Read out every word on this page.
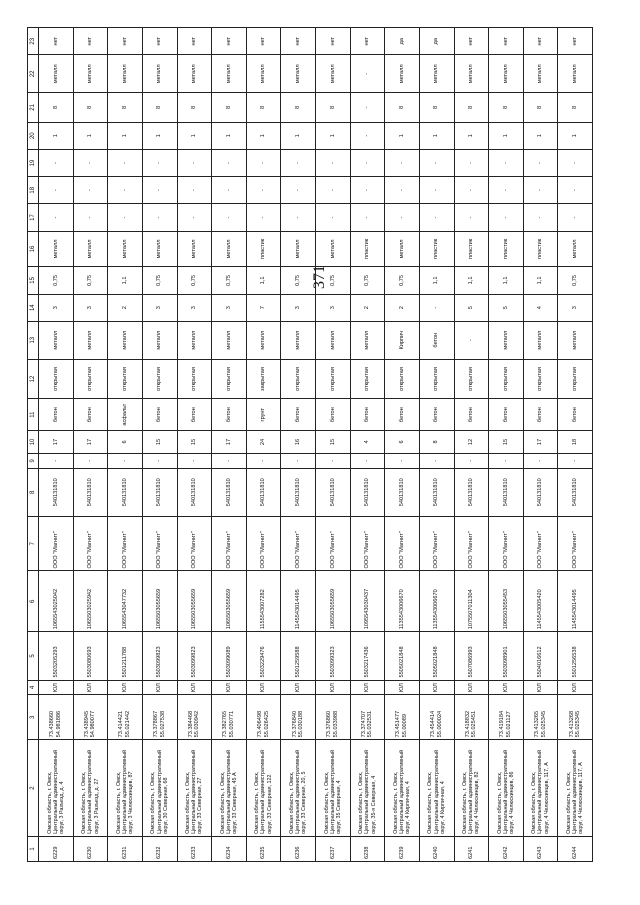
371
1	2	3	4	5	6	7	8	9	10	11	12	13	14	15	16	17	18	19	20	21	22	23
6229	Омская область, г. Омск, Центральный административный округ, 3 Разъезд, д. 4	73.438660 54.981886	ЮЛ	5503205293	1065543025042	ООО "Магнит"	540131810	-	17	бетон	открытая	металл	3	0,75	металл	-	-	-	1	8	металл	нет
6230	Омская область, г. Омск, Центральный административный округ, 3 Разъезд, д. 27	73.438945 54.980077	ЮЛ	5503080693	1065503025942	ООО "Магнит"	540131810	-	17	бетон	открытая	металл	3	0,75	металл	-	-	-	1	8	металл	нет
6231	Омская область, г. Омск, Центральный административный округ, 3 Челюскинцев, 87	73.414421 55.021442	ЮЛ	5501211788	1065543047732	ООО "Магнит"	540131810	-	6	асфальт	открытая	металл	2	1,1	металл	-	-	-	1	8	металл	нет
6232	Омская область, г. Омск, Центральный административный округ, 30 Северная, 68	73.378867 55.027538	ЮЛ	5503099823	1065503055659	ООО "Магнит"	540131810	-	15	бетон	открытая	металл	3	0,75	металл	-	-	-	1	8	металл	нет
6233	Омская область, г. Омск, Центральный административный округ, 33 Северная, 27	73.384468 55.030942	ЮЛ	5503099823	1065503055659	ООО "Магнит"	540131810	-	15	бетон	открытая	металл	3	0,75	металл	-	-	-	1	8	металл	нет
6234	Омская область, г. Омск, Центральный административный округ, 33 Северная, 45 А	73.382765 55.030771	ЮЛ	5503099089	1065503055659	ООО "Магнит"	540131810	-	17	бетон	открытая	металл	3	0,75	металл	-	-	-	1	8	металл	нет
6235	Омская область, г. Омск, Центральный административный округ, 33 Северная, 122	73.406498 55.026425	ЮЛ	5503229476	1155543007282	ООО "Магнит"	540131810	-	24	грунт	закрытая	металл	7	1,1	пластик	-	-	-	1	8	металл	нет
6236	Омская область, г. Омск, Центральный административный округ, 33 Северная, 20, 5	73.376840 55.030188	ЮЛ	5501259588	1145543014495	ООО "Магнит"	540131810	-	16	бетон	открытая	металл	3	0,75	металл	-	-	-	1	8	металл	нет
6237	Омская область, г. Омск, Центральный административный округ, 35 Северная, 4	73.376860 55.033988	ЮЛ	5503099323	1065503055659	ООО "Магнит"	540131810	-	15	бетон	открытая	металл	3	0,75	металл	-	-	-	1	8	металл	нет
6238	Омская область, г. Омск, Центральный административный округ, 35-я Северная, 4	73.374707 55.032531	ЮЛ	5503217436	1095543030437	ООО "Магнит"	540131810	-	4	бетон	открытая	металл	2	0,75	пластик	-	-	-	-	-	-	нет
6239	Омская область, г. Омск, Центральный административный округ, 4 Кирпичная, 4	73.451477 55.00089	ЮЛ	5505021848	1135543006670	ООО "Магнит"	540131810	-	6	бетон	открытая	Кирпич	2	0,75	металл	-	-	-	1	8	металл	да
6240	Омская область, г. Омск, Центральный административный округ, 4 Кирпичная, 4	73.454414 55.000024	ЮЛ	5505021848	1135543006670	ООО "Магнит"	540131810	-	8	бетон	открытая	бетон	-	1,1	пластик	-	-	-	1	8	металл	да
6241	Омская область, г. Омск, Центральный административный округ, 4 Челюскинцев, 82	73.418832 55.025451	ЮЛ	5507086993	1075507011304	ООО "Магнит"	540131810	-	12	бетон	открытая	-	5	1,1	пластик	-	-	-	1	8	металл	нет
6242	Омская область, г. Омск, Центральный административный округ, 4 Челюскинцев, 86	73.419184 55.021127	ЮЛ	5503098901	1065503055453	ООО "Магнит"	540131810	-	15	бетон	открытая	металл	5	1,1	пластик	-	-	-	1	8	металл	нет
6243	Омская область, г. Омск, Центральный административный округ, 4 Челюскинцев, 117, А	73.413265 55.025345	ЮЛ	5504016612	1145543005420	ООО "Магнит"	540131810	-	17	бетон	открытая	металл	4	1,1	пластик	-	-	-	1	8	металл	нет
6244	Омская область, г. Омск, Центральный административный округ, 4 Челюскинцев, 117, А	73.413268 55.025345	ЮЛ	5501256538	1145543014495	ООО "Магнит"	540131810	-	18	бетон	открытая	металл	3	0,75	металл	-	-	-	1	8	металл	нет
